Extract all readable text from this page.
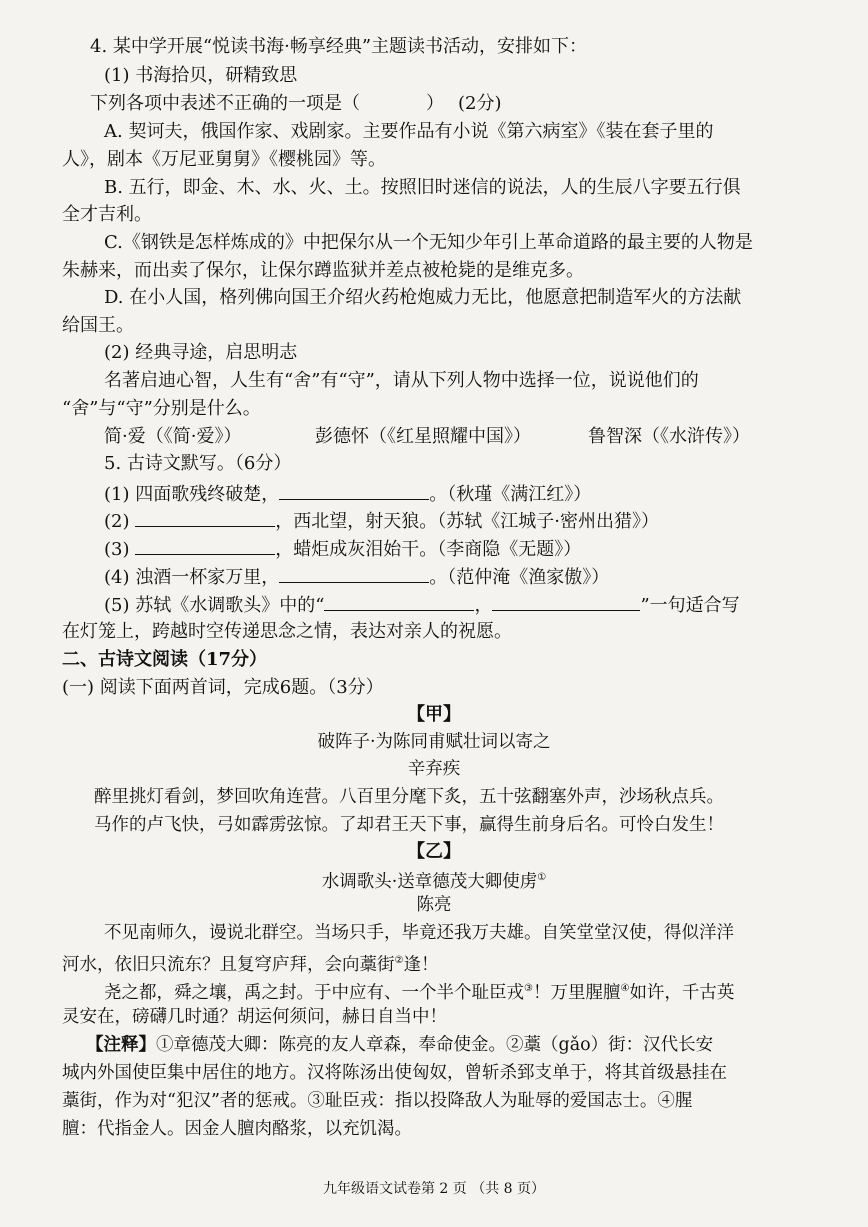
4. 某中学开展“悦读书海·畅享经典”主题读书活动，安排如下：
(1) 书海拾贝，研精致思
下列各项中表述不正确的一项是（	） (2分)
A. 契诃夫，俄国作家、戏剧家。主要作品有小说《第六病室》《装在套子里的
人》，剧本《万尼亚舅舅》《樱桃园》等。
B. 五行，即金、木、水、火、土。按照旧时迷信的说法，人的生辰八字要五行俱
全才吉利。
C.《钢铁是怎样炼成的》中把保尔从一个无知少年引上革命道路的最主要的人物是
朱赫来，而出卖了保尔，让保尔蹲监狱并差点被枪毙的是维克多。
D. 在小人国，格列佛向国王介绍火药枪炮威力无比，他愿意把制造军火的方法献
给国王。
(2) 经典寻途，启思明志
名著启迪心智，人生有“舍”有“守”，请从下列人物中选择一位，说说他们的
“舍”与“守”分别是什么。
简·爱（《简·爱》）	彭德怀（《红星照耀中国》）	鲁智深（《水浒传》）
5. 古诗文默写。（6分）
(1) 四面歌残终破楚，	。（秋瑾《满江红》）
(2)	，西北望，射天狼。（苏轼《江城子·密州出猎》）
(3)	，蜡炬成灰泪始干。（李商隐《无题》）
(4) 浊酒一杯家万里，	。（范仲淹《渔家傲》）
(5) 苏轼《水调歌头》中的“	，	”一句适合写
在灯笼上，跨越时空传递思念之情，表达对亲人的祝愿。
二、古诗文阅读（17分）
(一) 阅读下面两首词，完成6题。（3分）
【甲】
破阵子·为陈同甫赋壮词以寄之
辛弃疾
醉里挑灯看剑，梦回吹角连营。八百里分麾下炙，五十弦翻塞外声，沙场秋点兵。
马作的卢飞快，弓如霹雳弦惊。了却君王天下事，赢得生前身后名。可怜白发生！
【乙】
水调歌头·送章德茂大卿使虏①
陈亮
不见南师久，谩说北群空。当场只手，毕竟还我万夫雄。自笑堂堂汉使，得似洋洋
河水，依旧只流东？且复穹庐拜，会向藁街②逢！
尧之都，舜之壤，禹之封。于中应有、一个半个耻臣戎③！万里腥膻④如许，千古英
灵安在，磅礴几时通？胡运何须问，赫日自当中！
【注释】①章德茂大卿：陈亮的友人章森，奉命使金。②藁（gǎo）街：汉代长安
城内外国使臣集中居住的地方。汉将陈汤出使匈奴，曾斩杀郅支单于，将其首级悬挂在
藁街，作为对“犯汉”者的惩戒。③耻臣戎：指以投降敌人为耻辱的爱国志士。④腥
膻：代指金人。因金人膻肉酪浆，以充饥渴。
九年级语文试卷第 2 页 （共 8 页）
